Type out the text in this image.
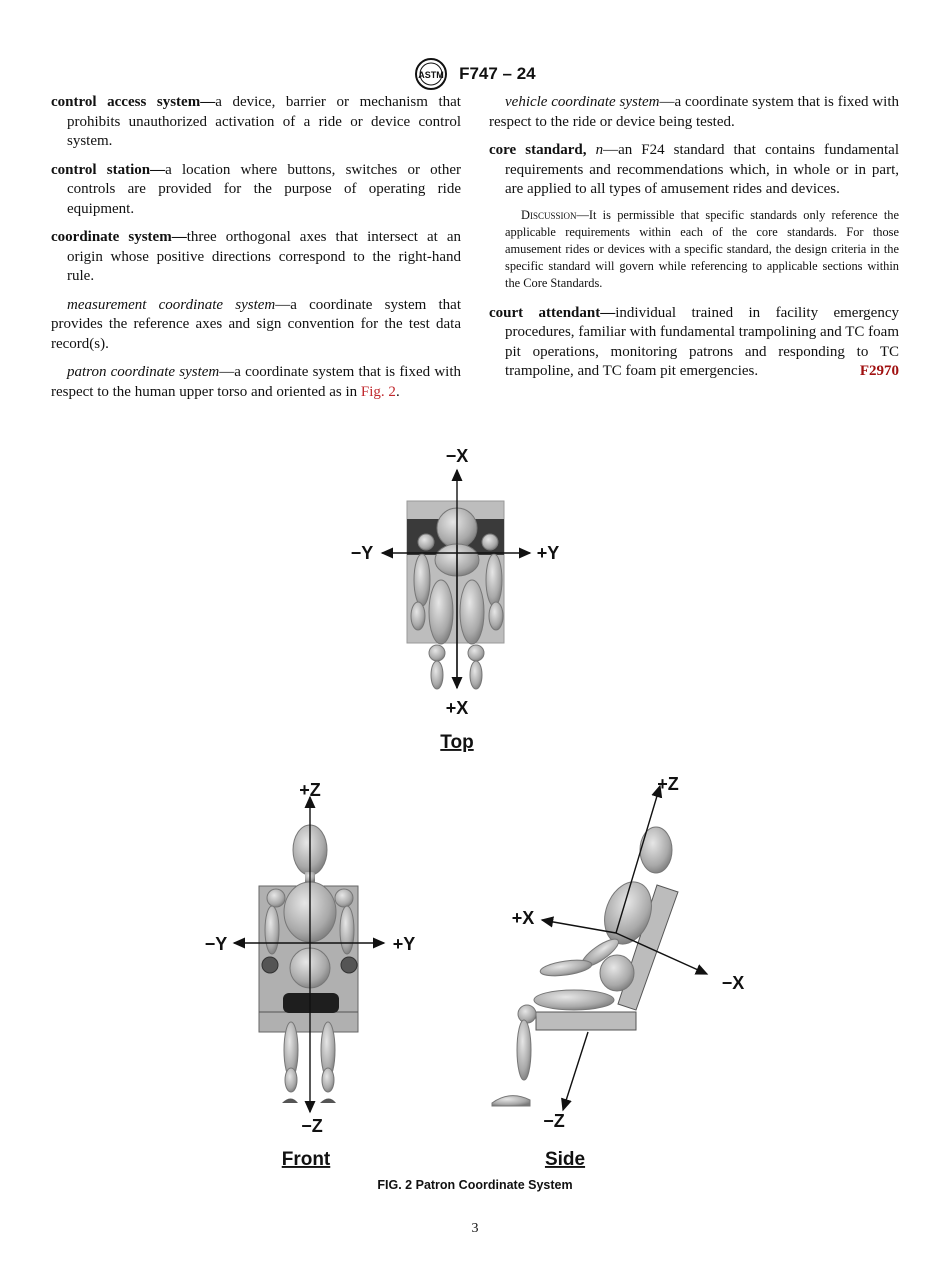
ASTM F747 – 24

control access system—a device, barrier or mechanism that prohibits unauthorized activation of a ride or device control system.

control station—a location where buttons, switches or other controls are provided for the purpose of operating ride equipment.

coordinate system—three orthogonal axes that intersect at an origin whose positive directions correspond to the right-hand rule.

measurement coordinate system—a coordinate system that provides the reference axes and sign convention for the test data record(s).

patron coordinate system—a coordinate system that is fixed with respect to the human upper torso and oriented as in Fig. 2.

vehicle coordinate system—a coordinate system that is fixed with respect to the ride or device being tested.

core standard, n—an F24 standard that contains fundamental requirements and recommendations which, in whole or in part, are applied to all types of amusement rides and devices.

Discussion—It is permissible that specific standards only reference the applicable requirements within each of the core standards. For those amusement rides or devices with a specific standard, the design criteria in the specific standard will govern while referencing to applicable sections within the Core Standards.

court attendant—individual trained in facility emergency procedures, familiar with fundamental trampolining and TC foam pit operations, monitoring patrons and responding to TC trampoline, and TC foam pit emergencies.	F2970

−X
+X
−Y	+Y
Top
+Z
−Z
−Y	+Y
Front
+Z
+X
−X
−Z
Side
FIG. 2 Patron Coordinate System
3
